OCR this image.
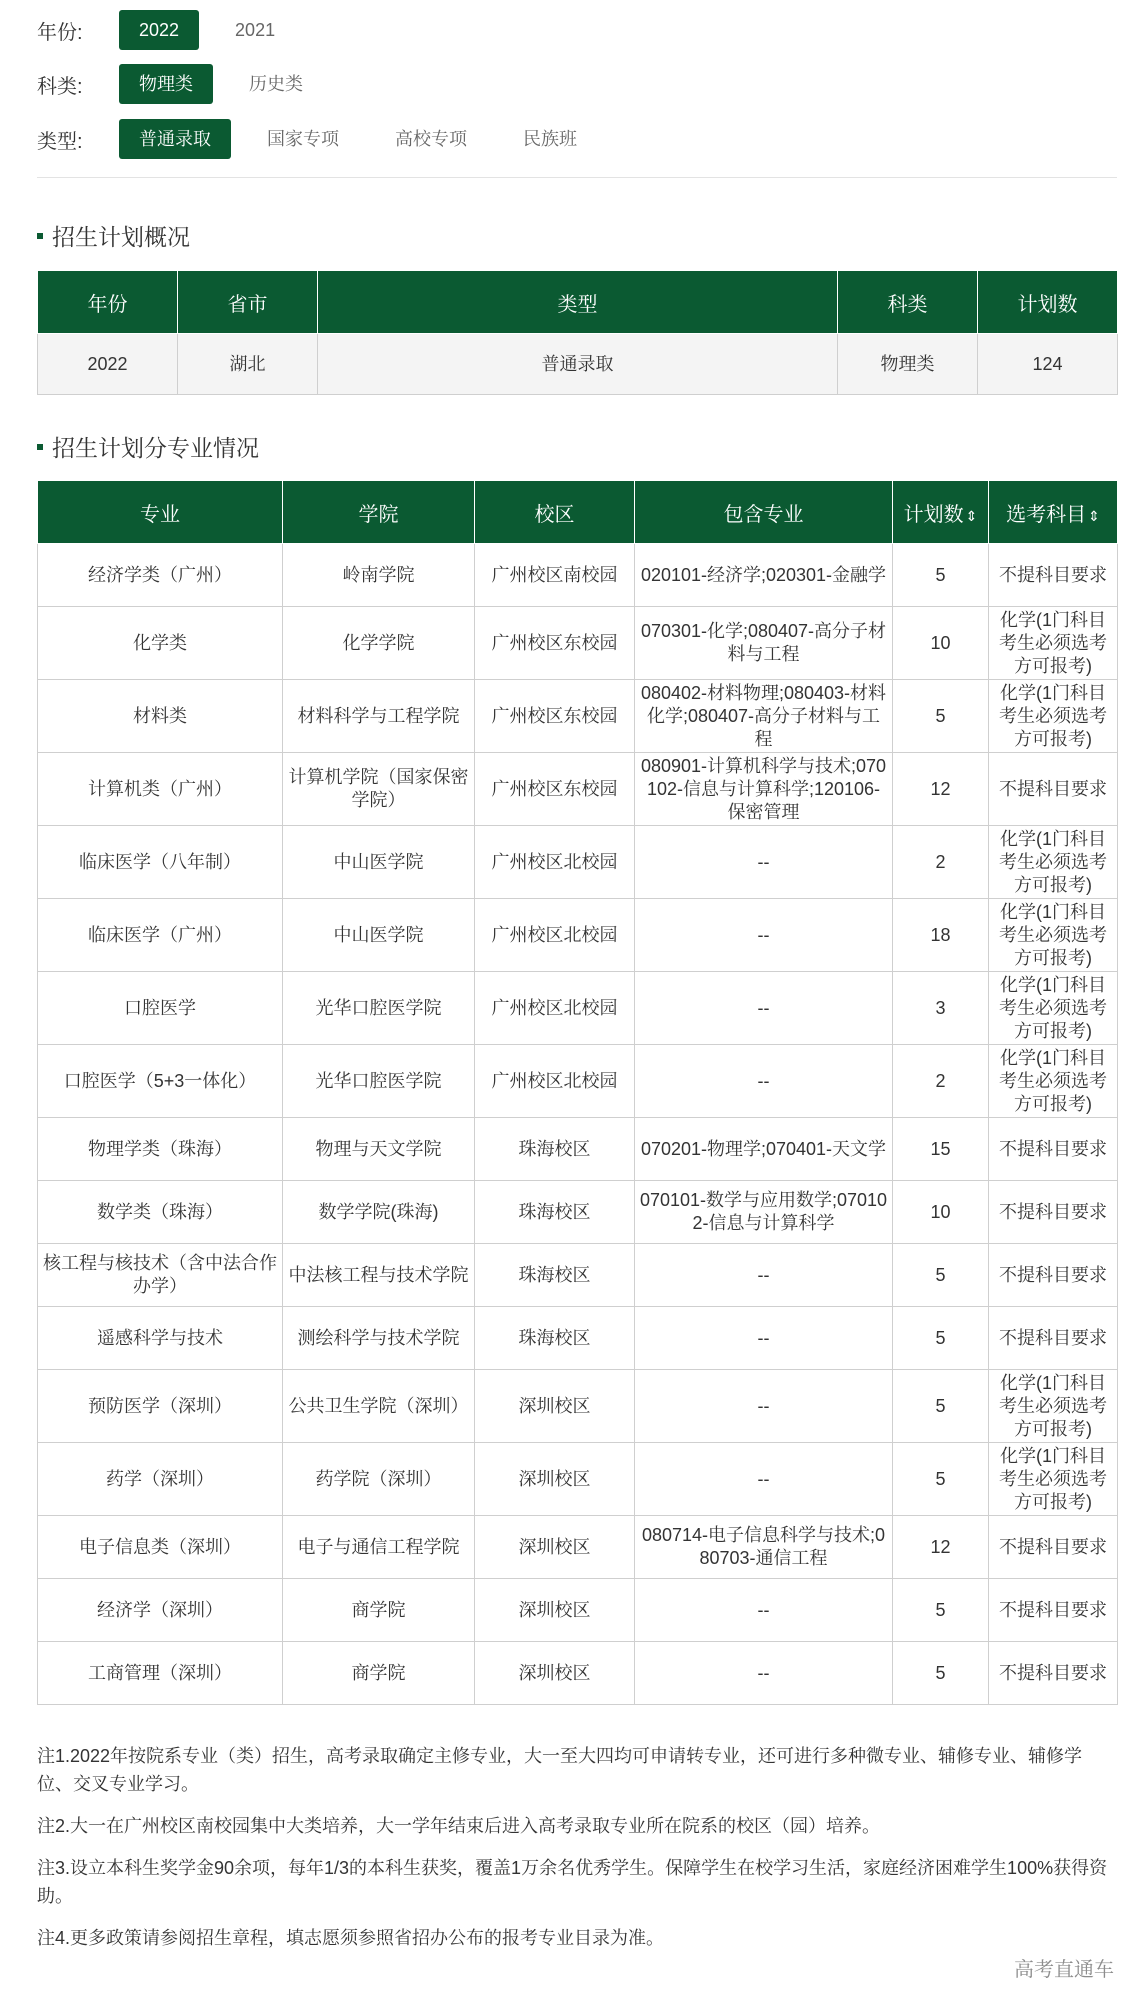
年份:	2022	2021
科类:	物理类	历史类
类型:	普通录取	国家专项	高校专项	民族班
招生计划概况
年份	省市	类型	科类	计划数
2022	湖北	普通录取	物理类	124
招生计划分专业情况
专业	学院	校区	包含专业	计划数 ⇕	选考科目 ⇕
经济学类（广州）	岭南学院	广州校区南校园	020101-经济学;020301-金融学	5	不提科目要求
化学类	化学学院	广州校区东校园	070301-化学;080407-高分子材料与工程	10	化学(1门科目考生必须选考方可报考)
材料类	材料科学与工程学院	广州校区东校园	080402-材料物理;080403-材料化学;080407-高分子材料与工程	5	化学(1门科目考生必须选考方可报考)
计算机类（广州）	计算机学院（国家保密学院）	广州校区东校园	080901-计算机科学与技术;070102-信息与计算科学;120106-保密管理	12	不提科目要求
临床医学（八年制）	中山医学院	广州校区北校园	--	2	化学(1门科目考生必须选考方可报考)
临床医学（广州）	中山医学院	广州校区北校园	--	18	化学(1门科目考生必须选考方可报考)
口腔医学	光华口腔医学院	广州校区北校园	--	3	化学(1门科目考生必须选考方可报考)
口腔医学（5+3一体化）	光华口腔医学院	广州校区北校园	--	2	化学(1门科目考生必须选考方可报考)
物理学类（珠海）	物理与天文学院	珠海校区	070201-物理学;070401-天文学	15	不提科目要求
数学类（珠海）	数学学院(珠海)	珠海校区	070101-数学与应用数学;070102-信息与计算科学	10	不提科目要求
核工程与核技术（含中法合作办学）	中法核工程与技术学院	珠海校区	--	5	不提科目要求
遥感科学与技术	测绘科学与技术学院	珠海校区	--	5	不提科目要求
预防医学（深圳）	公共卫生学院（深圳）	深圳校区	--	5	化学(1门科目考生必须选考方可报考)
药学（深圳）	药学院（深圳）	深圳校区	--	5	化学(1门科目考生必须选考方可报考)
电子信息类（深圳）	电子与通信工程学院	深圳校区	080714-电子信息科学与技术;080703-通信工程	12	不提科目要求
经济学（深圳）	商学院	深圳校区	--	5	不提科目要求
工商管理（深圳）	商学院	深圳校区	--	5	不提科目要求

注1.2022年按院系专业（类）招生，高考录取确定主修专业，大一至大四均可申请转专业，还可进行多种微专业、辅修专业、辅修学位、交叉专业学习。

注2.大一在广州校区南校园集中大类培养，大一学年结束后进入高考录取专业所在院系的校区（园）培养。

注3.设立本科生奖学金90余项，每年1/3的本科生获奖，覆盖1万余名优秀学生。保障学生在校学习生活，家庭经济困难学生100%获得资助。

注4.更多政策请参阅招生章程，填志愿须参照省招办公布的报考专业目录为准。

高考直通车
